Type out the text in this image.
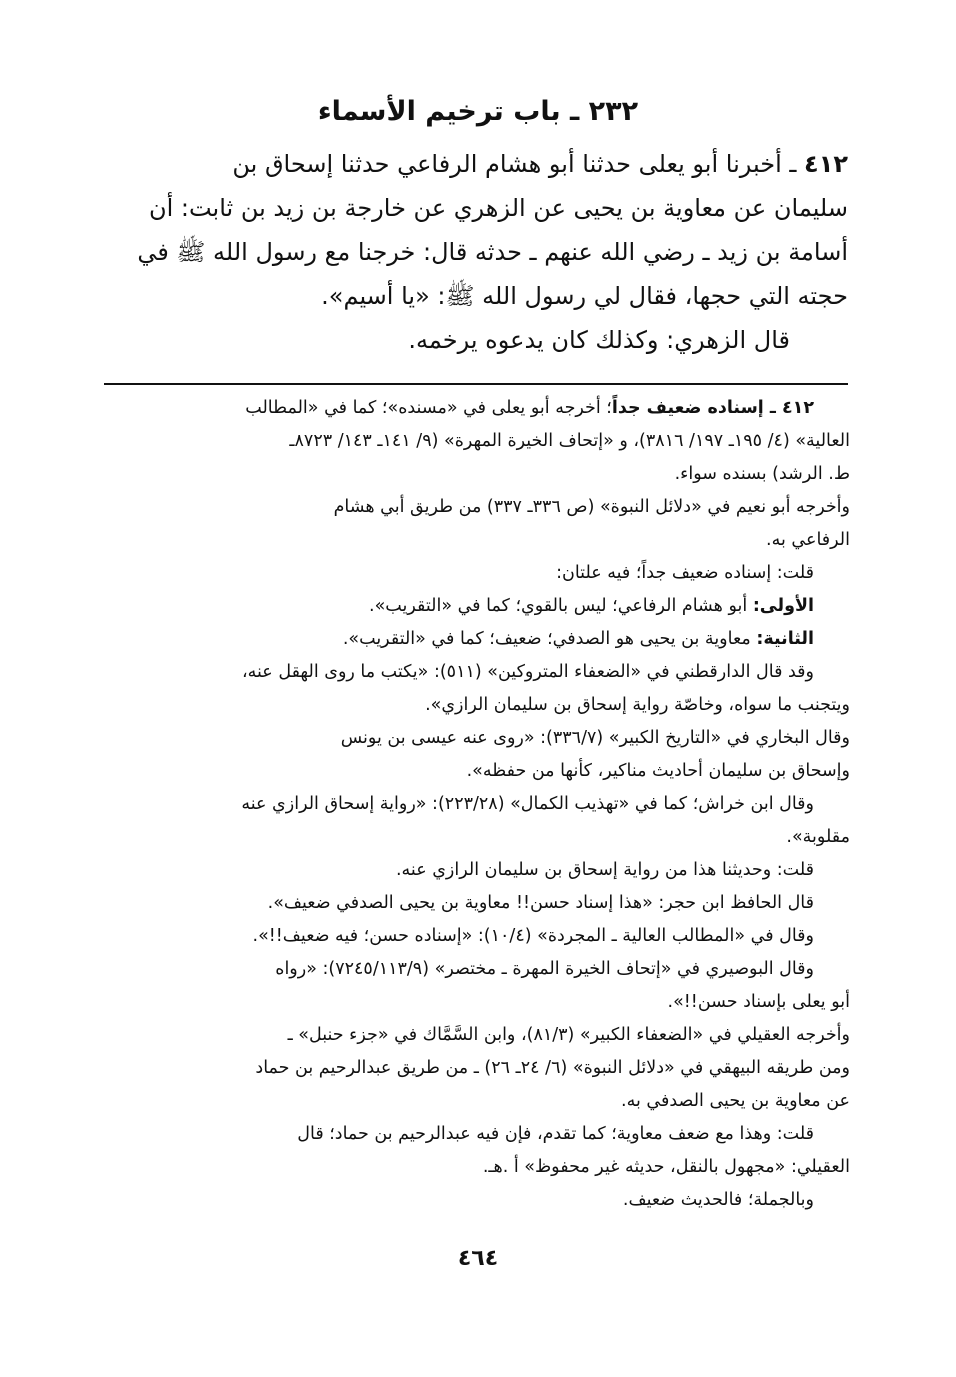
٢٣٢ ـ باب ترخيم الأسماء
٤١٢ ـ أخبرنا أبو يعلى حدثنا أبو هشام الرفاعي حدثنا إسحاق بن
سليمان عن معاوية بن يحيى عن الزهري عن خارجة بن زيد بن ثابت: أن
أسامة بن زيد ـ رضي الله عنهم ـ حدثه قال: خرجنا مع رسول الله ﷺ في
حجته التي حجها، فقال لي رسول الله ﷺ: «يا أسيم».
قال الزهري: وكذلك كان يدعوه يرخمه.
٤١٢ ـ إسناده ضعيف جداً؛ أخرجه أبو يعلى في «مسنده»؛ كما في «المطالب
العالية» (٤/ ١٩٥ـ ١٩٧/ ٣٨١٦)، و «إتحاف الخيرة المهرة» (٩/ ١٤١ـ ١٤٣/ ٨٧٢٣ـ
ط. الرشد) بسنده سواء.
وأخرجه أبو نعيم في «دلائل النبوة» (ص ٣٣٦ـ ٣٣٧) من طريق أبي هشام
الرفاعي به.
قلت: إسناده ضعيف جداً؛ فيه علتان:
الأولى: أبو هشام الرفاعي؛ ليس بالقوي؛ كما في «التقريب».
الثانية: معاوية بن يحيى هو الصدفي؛ ضعيف؛ كما في «التقريب».
وقد قال الدارقطني في «الضعفاء المتروكين» (٥١١): «يكتب ما روى الهقل عنه،
ويتجنب ما سواه، وخاصّة رواية إسحاق بن سليمان الرازي».
وقال البخاري في «التاريخ الكبير» (٣٣٦/٧): «روى عنه عيسى بن يونس
وإسحاق بن سليمان أحاديث مناكير، كأنها من حفظه».
وقال ابن خراش؛ كما في «تهذيب الكمال» (٢٢٣/٢٨): «رواية إسحاق الرازي عنه
مقلوبة».
قلت: وحديثنا هذا من رواية إسحاق بن سليمان الرازي عنه.
قال الحافظ ابن حجر: «هذا إسناد حسن!! معاوية بن يحيى الصدفي ضعيف».
وقال في «المطالب العالية ـ المجردة» (١٠/٤): «إسناده حسن؛ فيه ضعيف!!».
وقال البوصيري في «إتحاف الخيرة المهرة ـ مختصر» (٧٢٤٥/١١٣/٩): «رواه
أبو يعلى بإسناد حسن!!».
وأخرجه العقيلي في «الضعفاء الكبير» (٨١/٣)، وابن السَّمَّاك في «جزء حنبل» ـ
ومن طريقه البيهقي في «دلائل النبوة» (٦/ ٢٤ـ ٢٦) ـ من طريق عبدالرحيم بن حماد
عن معاوية بن يحيى الصدفي به.
قلت: وهذا مع ضعف معاوية؛ كما تقدم، فإن فيه عبدالرحيم بن حماد؛ قال
العقيلي: «مجهول بالنقل، حديثه غير محفوظ» أ .هـ.
وبالجملة؛ فالحديث ضعيف.
٤٦٤
